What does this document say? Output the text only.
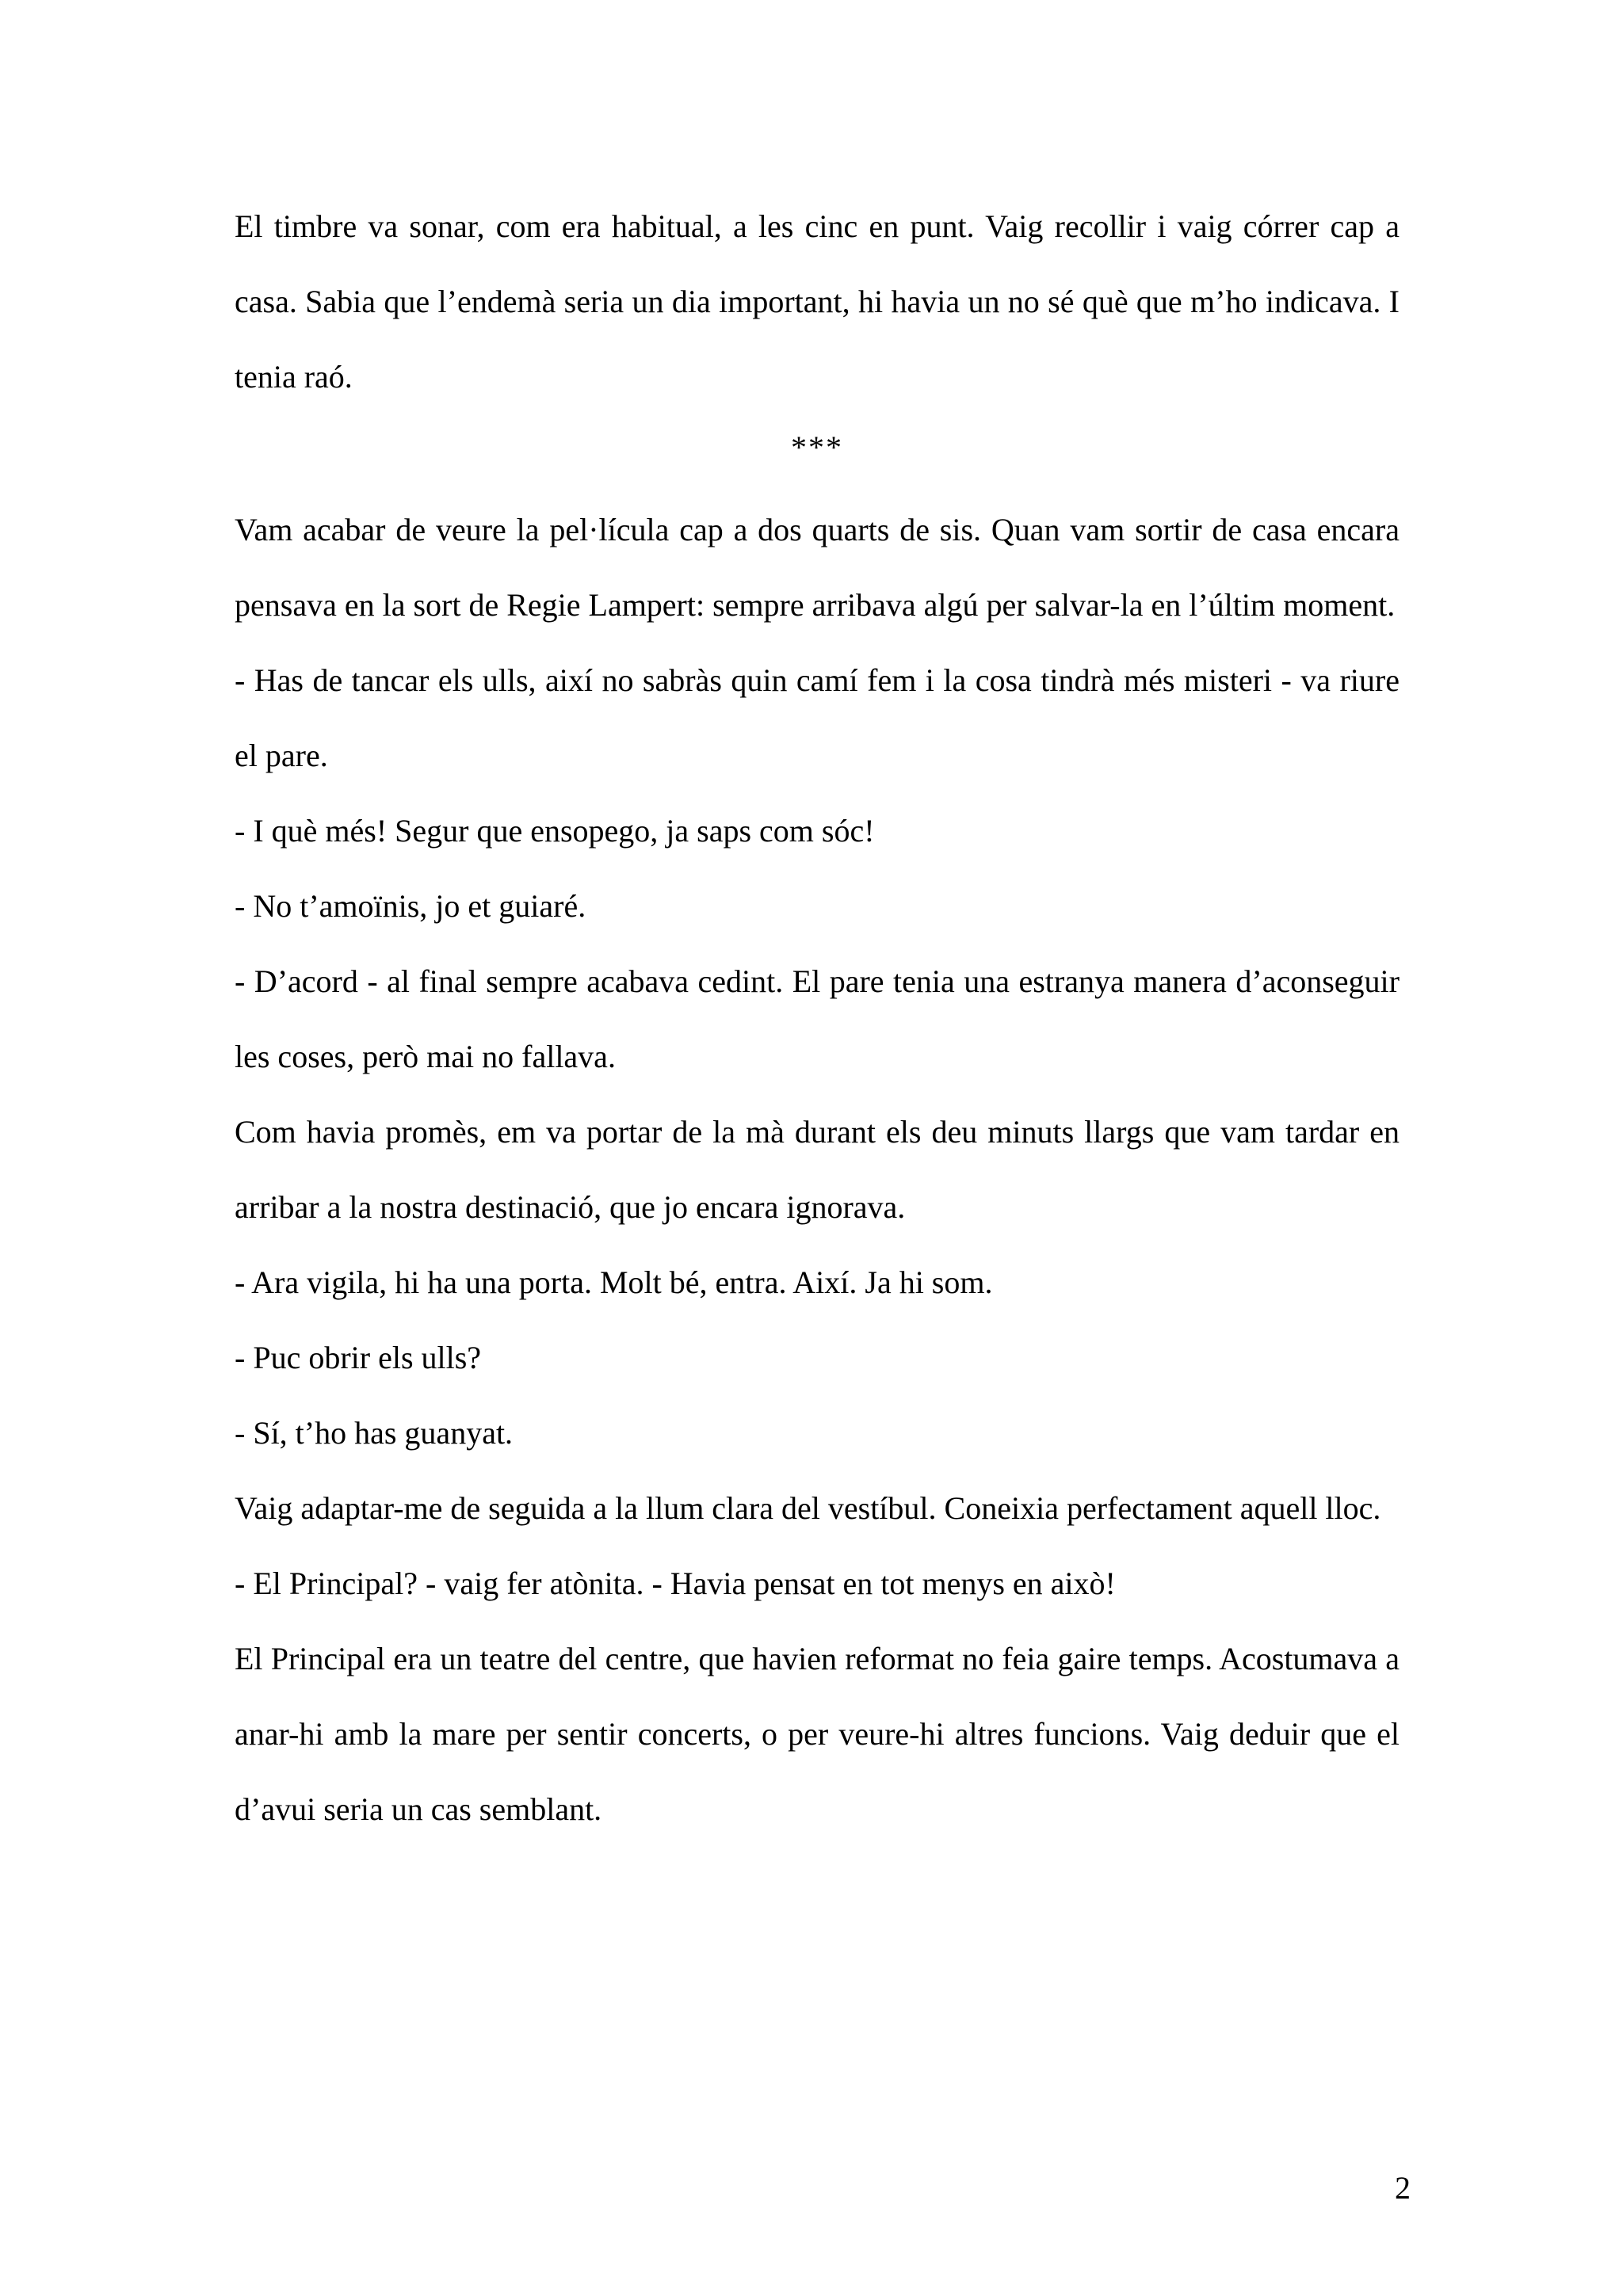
El timbre va sonar, com era habitual, a les cinc en punt. Vaig recollir i vaig córrer cap a casa. Sabia que l’endemà seria un dia important, hi havia un no sé què que m’ho indicava. I tenia raó.

***

Vam acabar de veure la pel·lícula cap a dos quarts de sis. Quan vam sortir de casa encara pensava en la sort de Regie Lampert: sempre arribava algú per salvar-la en l’últim moment.

- Has de tancar els ulls, així no sabràs quin camí fem i la cosa tindrà més misteri - va riure el pare.

- I què més! Segur que ensopego, ja saps com sóc!

- No t’amoïnis, jo et guiaré.

- D’acord - al final sempre acabava cedint. El pare tenia una estranya manera d’aconseguir les coses, però mai no fallava.

Com havia promès, em va portar de la mà durant els deu minuts llargs que vam tardar en arribar a la nostra destinació, que jo encara ignorava.

- Ara vigila, hi ha una porta. Molt bé, entra. Així. Ja hi som.

- Puc obrir els ulls?

- Sí, t’ho has guanyat.

Vaig adaptar-me de seguida a la llum clara del vestíbul. Coneixia perfectament aquell lloc.

- El Principal? - vaig fer atònita. - Havia pensat en tot menys en això!

El Principal era un teatre del centre, que havien reformat no feia gaire temps. Acostumava a anar-hi amb la mare per sentir concerts, o per veure-hi altres funcions. Vaig deduir que el d’avui seria un cas semblant.

2
